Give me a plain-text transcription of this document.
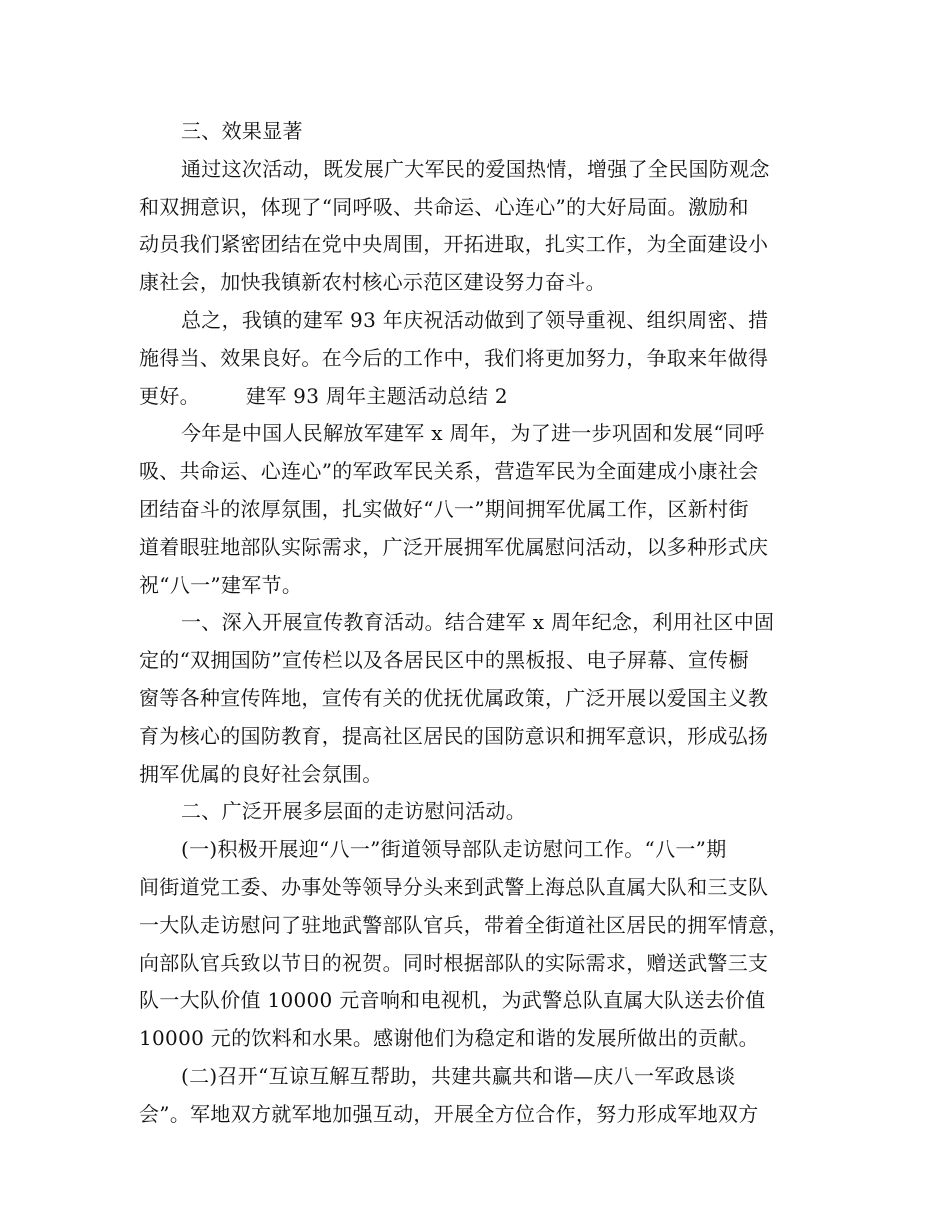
三、效果显著
通过这次活动，既发展广大军民的爱国热情，增强了全民国防观念
和双拥意识，体现了“同呼吸、共命运、心连心”的大好局面。激励和
动员我们紧密团结在党中央周围，开拓进取，扎实工作，为全面建设小
康社会，加快我镇新农村核心示范区建设努力奋斗。
总之，我镇的建军 93 年庆祝活动做到了领导重视、组织周密、措
施得当、效果良好。在今后的工作中，我们将更加努力，争取来年做得
更好。 建军 93 周年主题活动总结 2
今年是中国人民解放军建军 x 周年，为了进一步巩固和发展“同呼
吸、共命运、心连心”的军政军民关系，营造军民为全面建成小康社会
团结奋斗的浓厚氛围，扎实做好“八一”期间拥军优属工作，区新村街
道着眼驻地部队实际需求，广泛开展拥军优属慰问活动，以多种形式庆
祝“八一”建军节。
一、深入开展宣传教育活动。结合建军 x 周年纪念，利用社区中固
定的“双拥国防”宣传栏以及各居民区中的黑板报、电子屏幕、宣传橱
窗等各种宣传阵地，宣传有关的优抚优属政策，广泛开展以爱国主义教
育为核心的国防教育，提高社区居民的国防意识和拥军意识，形成弘扬
拥军优属的良好社会氛围。
二、广泛开展多层面的走访慰问活动。
(一)积极开展迎“八一”街道领导部队走访慰问工作。“八一”期
间街道党工委、办事处等领导分头来到武警上海总队直属大队和三支队
一大队走访慰问了驻地武警部队官兵，带着全街道社区居民的拥军情意，
向部队官兵致以节日的祝贺。同时根据部队的实际需求，赠送武警三支
队一大队价值 10000 元音响和电视机，为武警总队直属大队送去价值
10000 元的饮料和水果。感谢他们为稳定和谐的发展所做出的贡献。
(二)召开“互谅互解互帮助，共建共赢共和谐—庆八一军政恳谈
会”。军地双方就军地加强互动，开展全方位合作，努力形成军地双方
